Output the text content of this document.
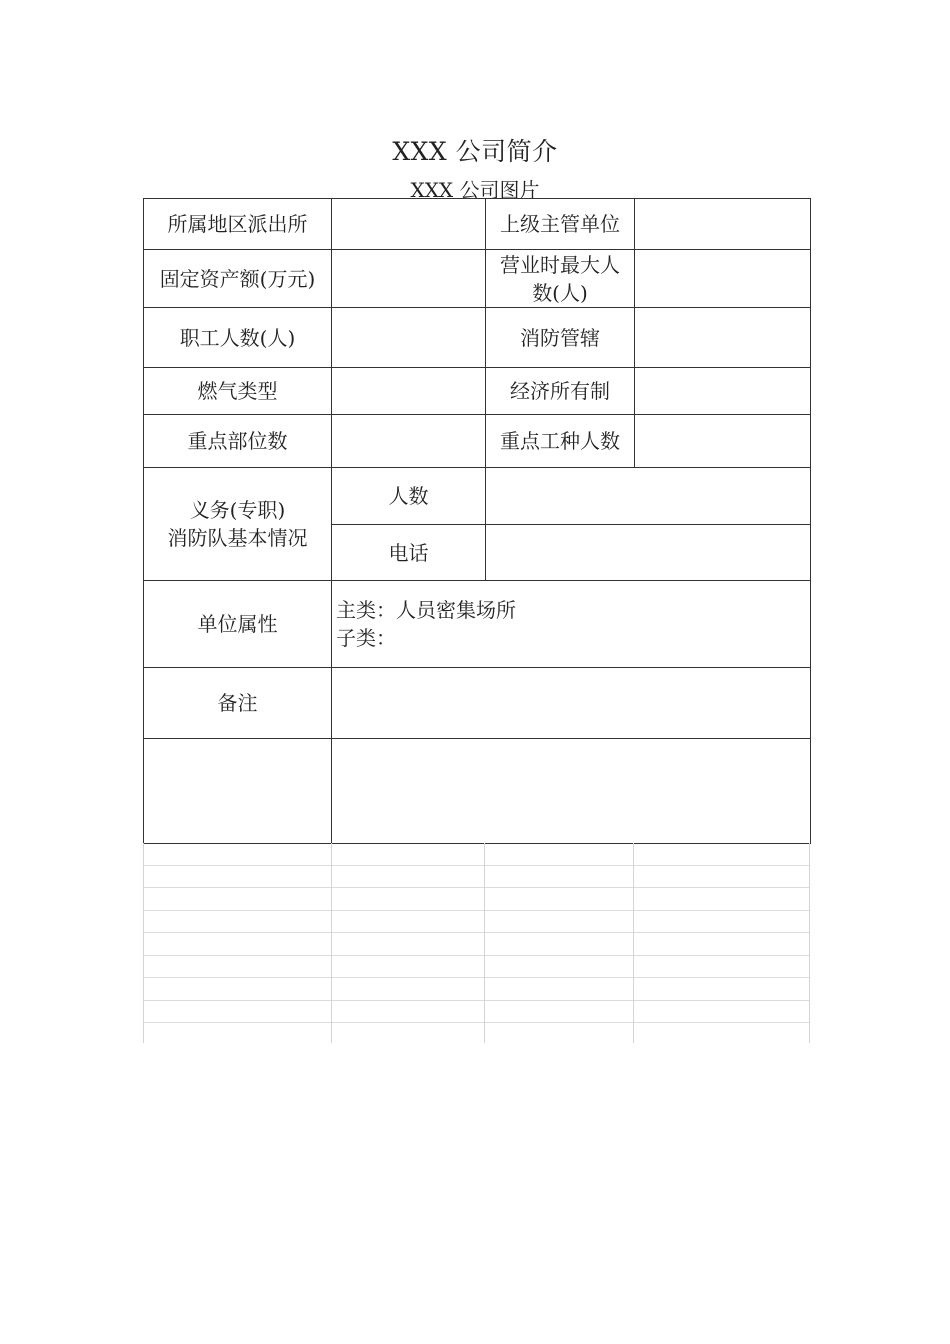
XXX 公司简介
XXX 公司图片
所属地区派出所		上级主管单位	
固定资产额(万元)		营业时最大人
数(人)	

职工人数(人)		消防管辖	
燃气类型		经济所有制	
重点部位数		重点工种人数	

义务(专职)
消防队基本情况	人数		
	电话		
单位属性	主类：人员密集场所
子类：		

备注			
